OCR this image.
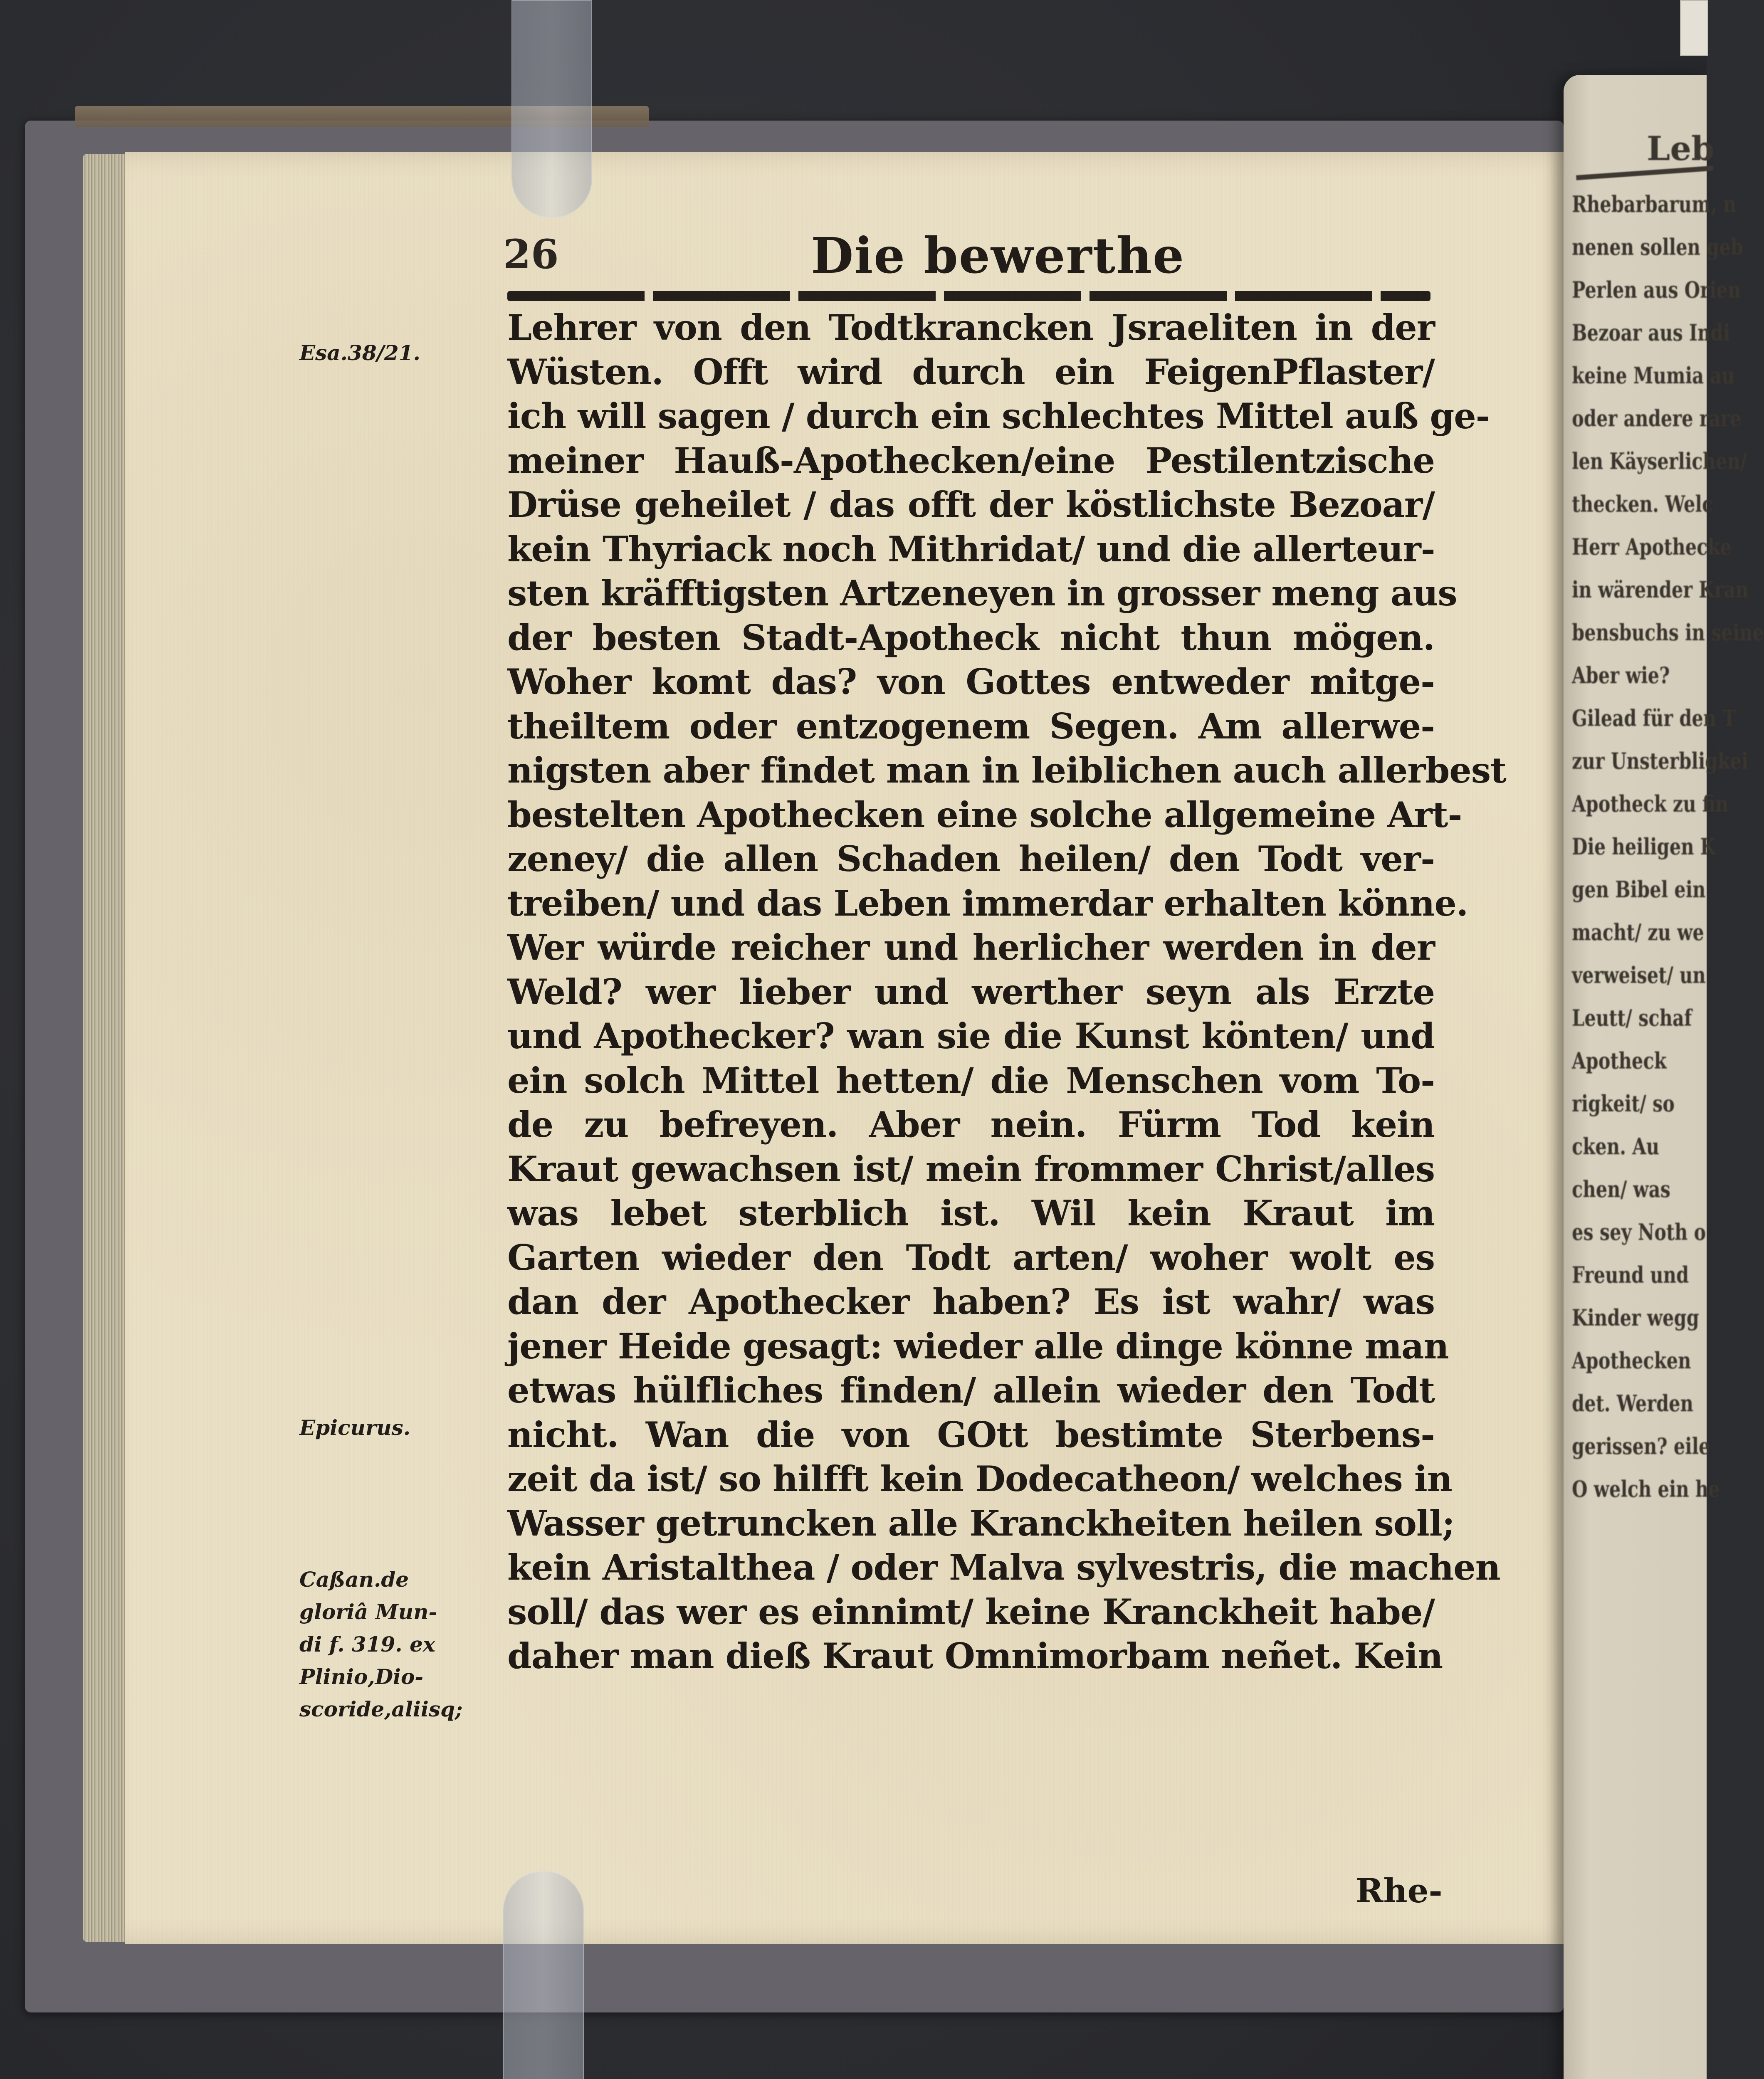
26	Die bewerthe
Lehrer von den Todtkrancken Jsraeliten in der
Wüsten. Offt wird durch ein FeigenPflaster/
ich will sagen / durch ein schlechtes Mittel auß ge-
meiner Hauß-Apothecken/eine Pestilentzische
Drüse geheilet / das offt der köstlichste Bezoar/
kein Thyriack noch Mithridat/ und die allerteur-
sten kräfftigsten Artzeneyen in grosser meng aus
der besten Stadt-Apotheck nicht thun mögen.
Woher komt das? von Gottes entweder mitge-
theiltem oder entzogenem Segen. Am allerwe-
nigsten aber findet man in leiblichen auch allerbest
bestelten Apothecken eine solche allgemeine Art-
zeney/ die allen Schaden heilen/ den Todt ver-
treiben/ und das Leben immerdar erhalten könne.
Wer würde reicher und herlicher werden in der
Weld? wer lieber und werther seyn als Erzte
und Apothecker? wan sie die Kunst könten/ und
ein solch Mittel hetten/ die Menschen vom To-
de zu befreyen. Aber nein. Fürm Tod kein
Kraut gewachsen ist/ mein frommer Christ/alles
was lebet sterblich ist. Wil kein Kraut im
Garten wieder den Todt arten/ woher wolt es
dan der Apothecker haben? Es ist wahr/ was
jener Heide gesagt: wieder alle dinge könne man
etwas hülfliches finden/ allein wieder den Todt
nicht. Wan die von GOtt bestimte Sterbens-
zeit da ist/ so hilfft kein Dodecatheon/ welches in
Wasser getruncken alle Kranckheiten heilen soll;
kein Aristalthea / oder Malva sylvestris, die machen
soll/ das wer es einnimt/ keine Kranckheit habe/
daher man dieß Kraut Omnimorbam neñet. Kein
Esa.38/21.
Epicurus.
Caßan.de
gloriâ Mun-
di f. 319. ex
Plinio,Dio-
scoride,aliisq;
Rhe-
Leb
Rhebarbarum, n
nenen sollen geb
Perlen aus Orien
Bezoar aus Indi
keine Mumia au
oder andere rare
len Käyserlichen/
thecken. Welc
Herr Apothecke
in wärender Kran
bensbuchs in seine
Aber wie?
Gilead für den T
zur Unsterbligkei
Apotheck zu fin
Die heiligen K
gen Bibel ein
macht/ zu we
verweiset/ un
Leutt/ schaf
Apotheck
rigkeit/ so
cken. Au
chen/ was
es sey Noth o
Freund und
Kinder wegg
Apothecken
det. Werden
gerissen? eile
O welch ein he
